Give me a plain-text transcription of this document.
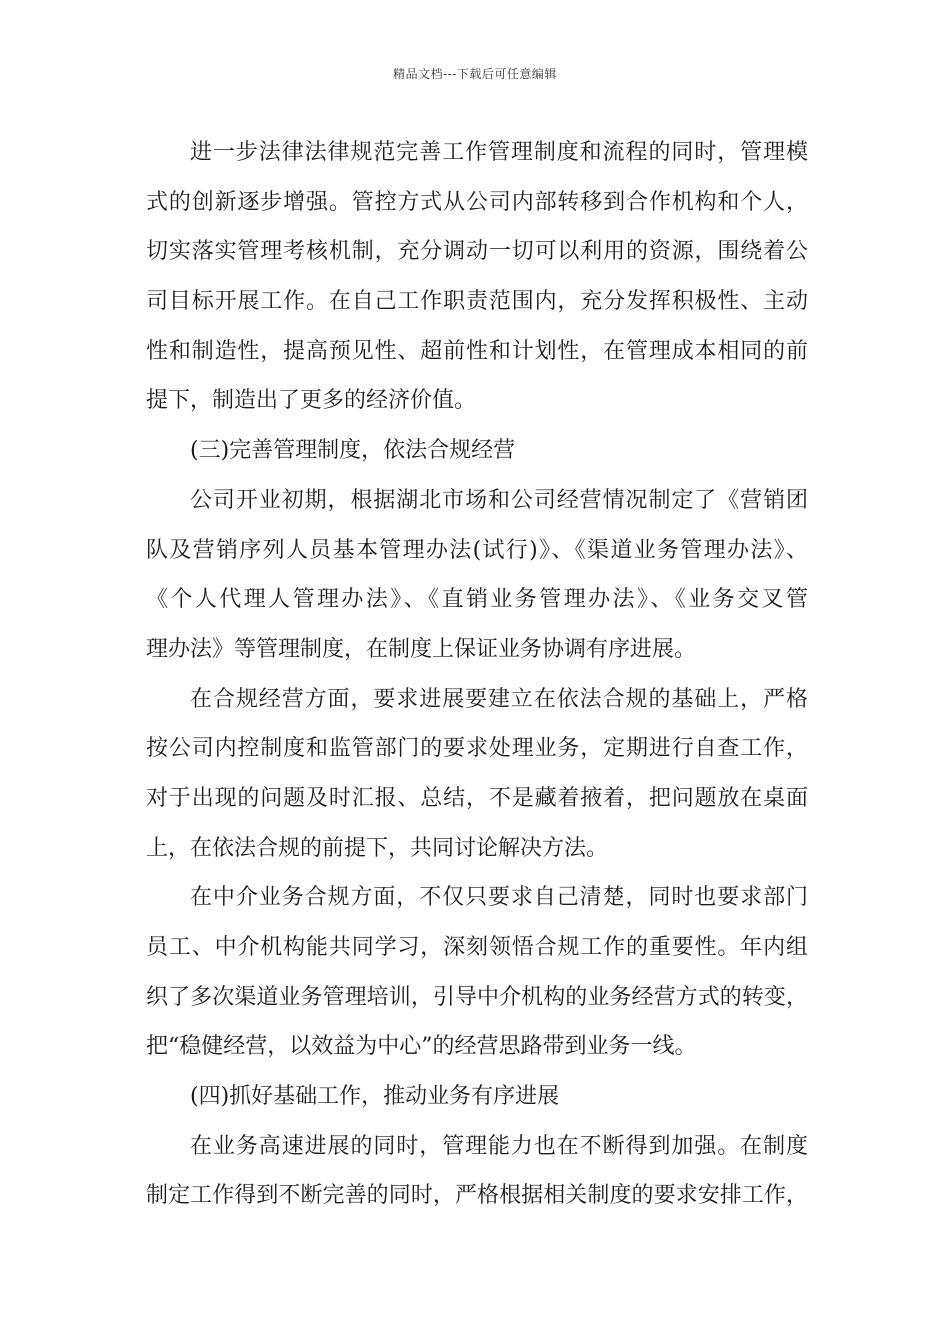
精品文档---下载后可任意编辑
进一步法律法律规范完善工作管理制度和流程的同时，管理模
式的创新逐步增强。管控方式从公司内部转移到合作机构和个人，
切实落实管理考核机制，充分调动一切可以利用的资源，围绕着公
司目标开展工作。在自己工作职责范围内，充分发挥积极性、主动
性和制造性，提高预见性、超前性和计划性，在管理成本相同的前
提下，制造出了更多的经济价值。
(三)完善管理制度，依法合规经营
公司开业初期，根据湖北市场和公司经营情况制定了《营销团
队及营销序列人员基本管理办法(试行)》、《渠道业务管理办法》、
《个人代理人管理办法》、《直销业务管理办法》、《业务交叉管
理办法》等管理制度，在制度上保证业务协调有序进展。
在合规经营方面，要求进展要建立在依法合规的基础上，严格
按公司内控制度和监管部门的要求处理业务，定期进行自查工作，
对于出现的问题及时汇报、总结，不是藏着掖着，把问题放在桌面
上，在依法合规的前提下，共同讨论解决方法。
在中介业务合规方面，不仅只要求自己清楚，同时也要求部门
员工、中介机构能共同学习，深刻领悟合规工作的重要性。年内组
织了多次渠道业务管理培训，引导中介机构的业务经营方式的转变，
把“稳健经营，以效益为中心”的经营思路带到业务一线。
(四)抓好基础工作，推动业务有序进展
在业务高速进展的同时，管理能力也在不断得到加强。在制度
制定工作得到不断完善的同时，严格根据相关制度的要求安排工作，
